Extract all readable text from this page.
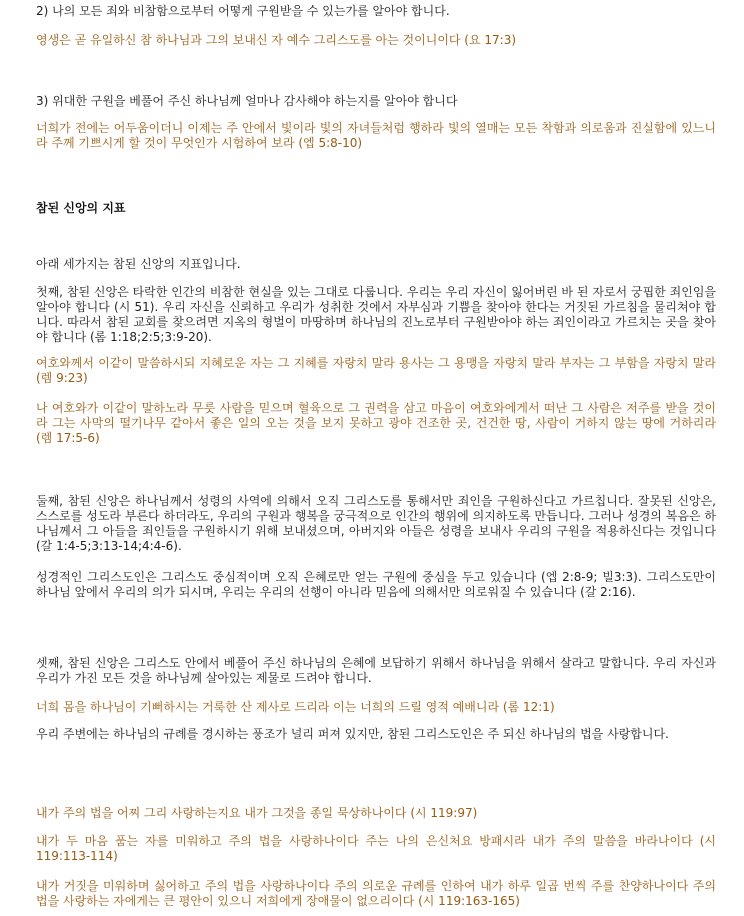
2) 나의 모든 죄와 비참함으로부터 어떻게 구원받을 수 있는가를 알아야 합니다.

영생은 곧 유일하신 참 하나님과 그의 보내신 자 예수 그리스도를 아는 것이니이다 (요 17:3)

3) 위대한 구원을 베풀어 주신 하나님께 얼마나 감사해야 하는지를 알아야 합니다

너희가 전에는 어두움이더니 이제는 주 안에서 빛이라 빛의 자녀들처럼 행하라 빛의 열매는 모든 착함과 의로움과 진실함에 있느니라 주께 기쁘시게 할 것이 무엇인가 시험하여 보라 (엡 5:8-10)

참된 신앙의 지표

아래 세가지는 참된 신앙의 지표입니다.

첫째, 참된 신앙은 타락한 인간의 비참한 현실을 있는 그대로 다룹니다. 우리는 우리 자신이 잃어버린 바 된 자로서 궁핍한 죄인임을 알아야 합니다 (시 51). 우리 자신을 신뢰하고 우리가 성취한 것에서 자부심과 기쁨을 찾아야 한다는 거짓된 가르침을 물리쳐야 합니다. 따라서 참된 교회를 찾으려면 지옥의 형벌이 마땅하며 하나님의 진노로부터 구원받아야 하는 죄인이라고 가르치는 곳을 찾아야 합니다 (롬 1:18;2:5;3:9-20).

여호와께서 이같이 말씀하시되 지혜로운 자는 그 지혜를 자랑치 말라 용사는 그 용맹을 자랑치 말라 부자는 그 부함을 자랑치 말라 (렘 9:23)

나 여호와가 이같이 말하노라 무릇 사람을 믿으며 혈육으로 그 권력을 삼고 마음이 여호와에게서 떠난 그 사람은 저주를 받을 것이라 그는 사막의 떨기나무 같아서 좋은 일의 오는 것을 보지 못하고 광야 건조한 곳, 건건한 땅, 사람이 거하지 않는 땅에 거하리라 (렘 17:5-6)

둘째, 참된 신앙은 하나님께서 성령의 사역에 의해서 오직 그리스도를 통해서만 죄인을 구원하신다고 가르칩니다. 잘못된 신앙은, 스스로를 성도라 부른다 하더라도, 우리의 구원과 행복을 궁극적으로 인간의 행위에 의지하도록 만듭니다. 그러나 성경의 복음은 하나님께서 그 아들을 죄인들을 구원하시기 위해 보내셨으며, 아버지와 아들은 성령을 보내사 우리의 구원을 적용하신다는 것입니다 (갈 1:4-5;3:13-14;4:4-6).

성경적인 그리스도인은 그리스도 중심적이며 오직 은혜로만 얻는 구원에 중심을 두고 있습니다 (엡 2:8-9; 빌3:3). 그리스도만이 하나님 앞에서 우리의 의가 되시며, 우리는 우리의 선행이 아니라 믿음에 의해서만 의로워질 수 있습니다 (갈 2:16).

셋째, 참된 신앙은 그리스도 안에서 베풀어 주신 하나님의 은혜에 보답하기 위해서 하나님을 위해서 살라고 말합니다. 우리 자신과 우리가 가진 모든 것을 하나님께 살아있는 제물로 드려야 합니다.

너희 몸을 하나님이 기뻐하시는 거룩한 산 제사로 드리라 이는 너희의 드릴 영적 예배니라 (롬 12:1)

우리 주변에는 하나님의 규례를 경시하는 풍조가 널리 퍼져 있지만, 참된 그리스도인은 주 되신 하나님의 법을 사랑합니다.

내가 주의 법을 어찌 그리 사랑하는지요 내가 그것을 종일 묵상하나이다 (시 119:97)

내가 두 마음 품는 자를 미워하고 주의 법을 사랑하나이다 주는 나의 은신처요 방패시라 내가 주의 말씀을 바라나이다 (시 119:113-114)

내가 거짓을 미워하며 싫어하고 주의 법을 사랑하나이다 주의 의로운 규례를 인하여 내가 하루 일곱 번씩 주를 찬양하나이다 주의 법을 사랑하는 자에게는 큰 평안이 있으니 저희에게 장애물이 없으리이다 (시 119:163-165)
